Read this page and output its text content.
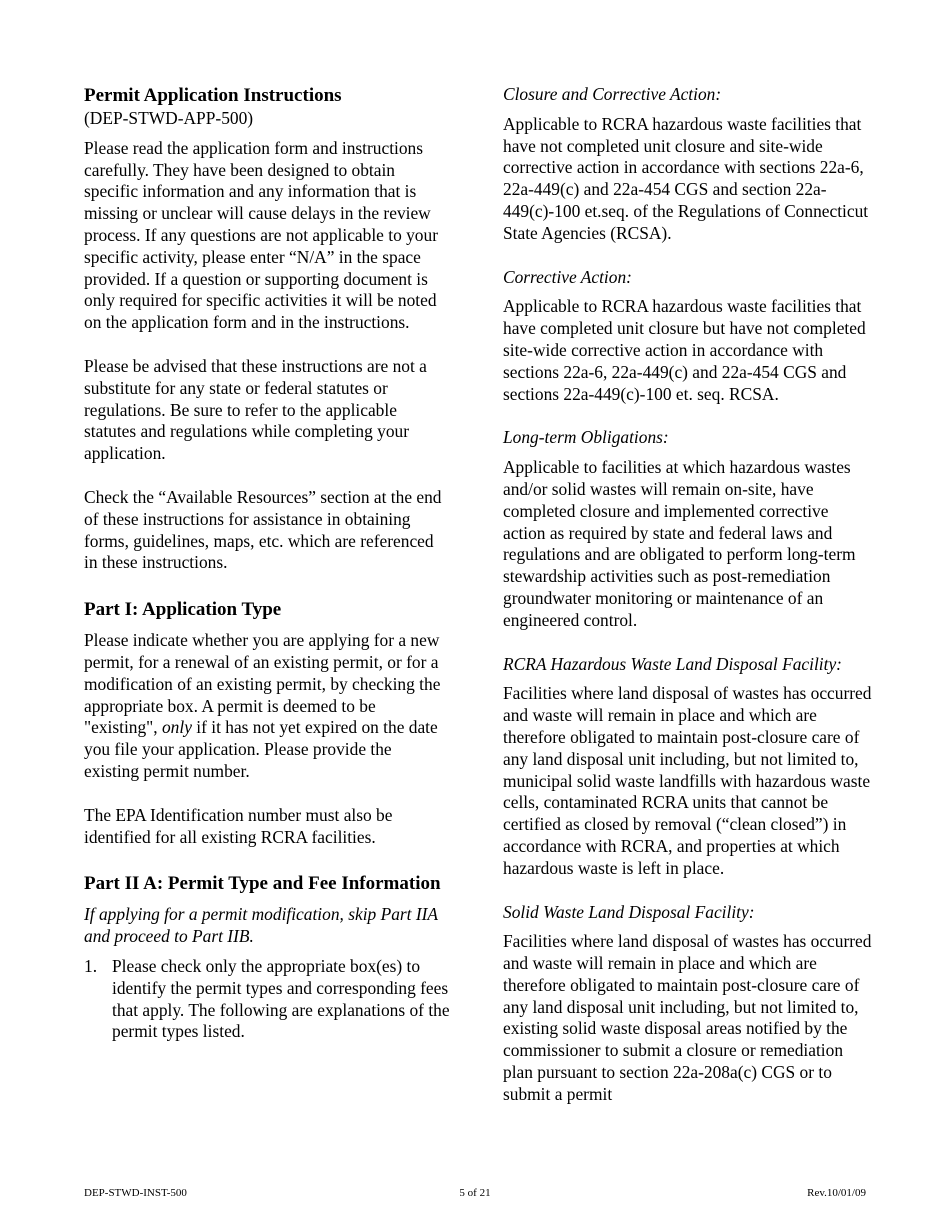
Permit Application Instructions
(DEP-STWD-APP-500)

Please read the application form and instructions carefully. They have been designed to obtain specific information and any information that is missing or unclear will cause delays in the review process. If any questions are not applicable to your specific activity, please enter “N/A” in the space provided. If a question or supporting document is only required for specific activities it will be noted on the application form and in the instructions.

Please be advised that these instructions are not a substitute for any state or federal statutes or regulations. Be sure to refer to the applicable statutes and regulations while completing your application.

Check the “Available Resources” section at the end of these instructions for assistance in obtaining forms, guidelines, maps, etc. which are referenced in these instructions.

Part I: Application Type

Please indicate whether you are applying for a new permit, for a renewal of an existing permit, or for a modification of an existing permit, by checking the appropriate box. A permit is deemed to be "existing", only if it has not yet expired on the date you file your application. Please provide the existing permit number.

The EPA Identification number must also be identified for all existing RCRA facilities.

Part II A: Permit Type and Fee Information

If applying for a permit modification, skip Part IIA and proceed to Part IIB.

1. Please check only the appropriate box(es) to identify the permit types and corresponding fees that apply. The following are explanations of the permit types listed.
Closure and Corrective Action:

Applicable to RCRA hazardous waste facilities that have not completed unit closure and site-wide corrective action in accordance with sections 22a-6, 22a-449(c) and 22a-454 CGS and section 22a-449(c)-100 et.seq. of the Regulations of Connecticut State Agencies (RCSA).

Corrective Action:

Applicable to RCRA hazardous waste facilities that have completed unit closure but have not completed site-wide corrective action in accordance with sections 22a-6, 22a-449(c) and 22a-454 CGS and sections 22a-449(c)-100 et. seq. RCSA.

Long-term Obligations:

Applicable to facilities at which hazardous wastes and/or solid wastes will remain on-site, have completed closure and implemented corrective action as required by state and federal laws and regulations and are obligated to perform long-term stewardship activities such as post-remediation groundwater monitoring or maintenance of an engineered control.

RCRA Hazardous Waste Land Disposal Facility:

Facilities where land disposal of wastes has occurred and waste will remain in place and which are therefore obligated to maintain post-closure care of any land disposal unit including, but not limited to, municipal solid waste landfills with hazardous waste cells, contaminated RCRA units that cannot be certified as closed by removal (“clean closed”) in accordance with RCRA, and properties at which hazardous waste is left in place.

Solid Waste Land Disposal Facility:

Facilities where land disposal of wastes has occurred and waste will remain in place and which are therefore obligated to maintain post-closure care of any land disposal unit including, but not limited to, existing solid waste disposal areas notified by the commissioner to submit a closure or remediation plan pursuant to section 22a-208a(c) CGS or to submit a permit

DEP-STWD-INST-500	5 of 21	Rev.10/01/09
